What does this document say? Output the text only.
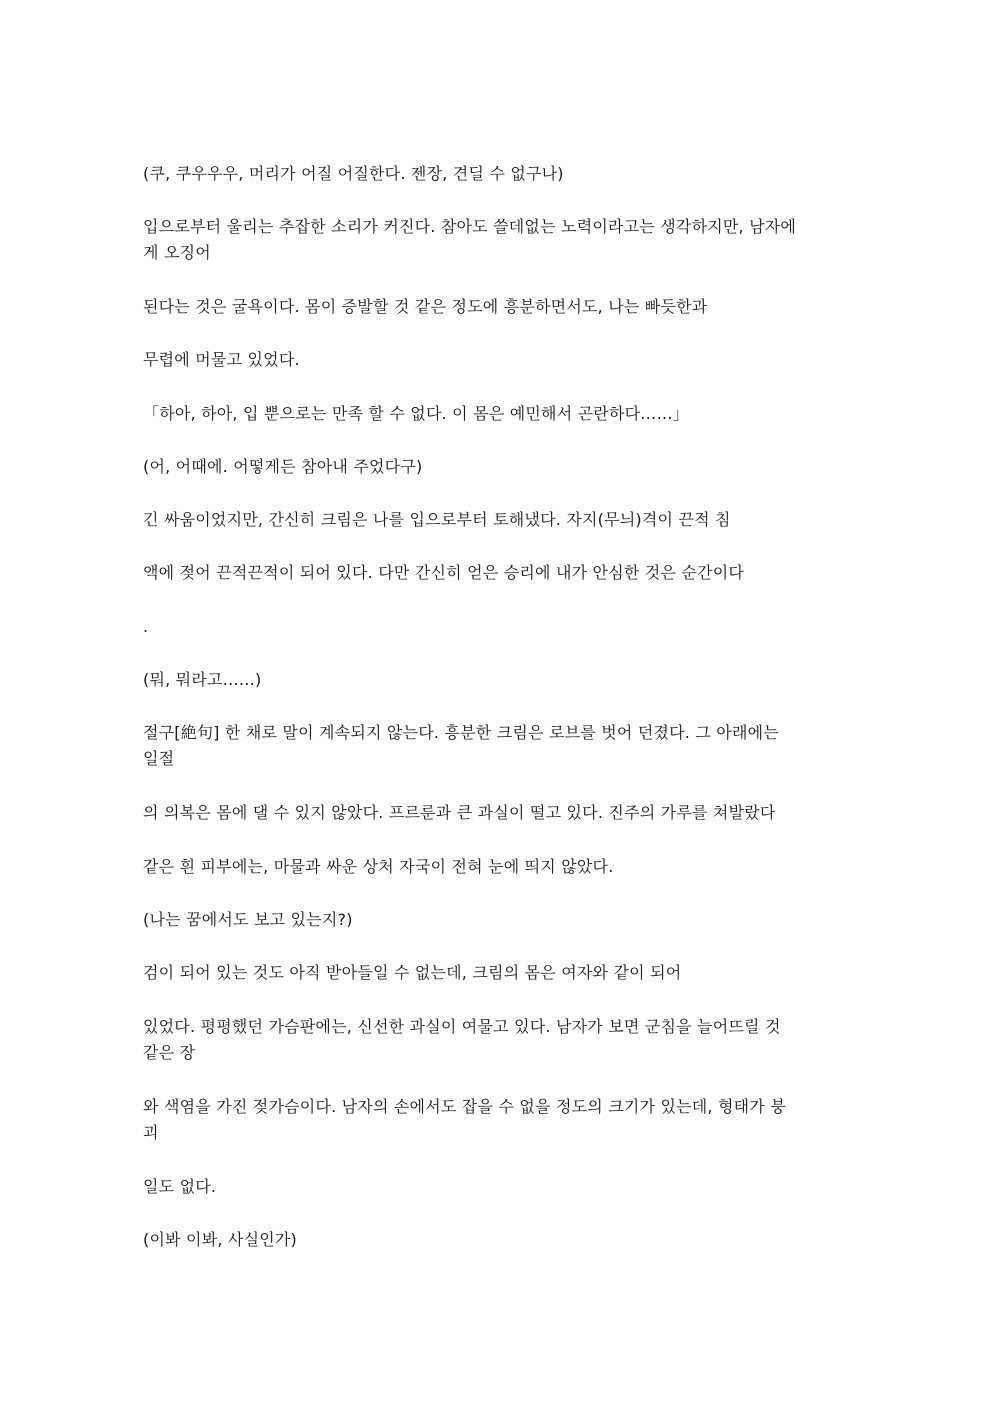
(쿠, 쿠우우우, 머리가 어질 어질한다. 젠장, 견딜 수 없구나)
입으로부터 울리는 추잡한 소리가 커진다. 참아도 쓸데없는 노력이라고는 생각하지만, 남자에
게 오징어
된다는 것은 굴욕이다. 몸이 증발할 것 같은 정도에 흥분하면서도, 나는 빠듯한과
무렵에 머물고 있었다.
「하아, 하아, 입 뿐으로는 만족 할 수 없다. 이 몸은 예민해서 곤란하다……」
(어, 어때에. 어떻게든 참아내 주었다구)
긴 싸움이었지만, 간신히 크림은 나를 입으로부터 토해냈다. 자지(무늬)격이 끈적 침
액에 젖어 끈적끈적이 되어 있다. 다만 간신히 얻은 승리에 내가 안심한 것은 순간이다
.
(뭐, 뭐라고……)
절구[絶句] 한 채로 말이 계속되지 않는다. 흥분한 크림은 로브를 벗어 던졌다. 그 아래에는
일절
의 의복은 몸에 댈 수 있지 않았다. 프르룬과 큰 과실이 떨고 있다. 진주의 가루를 쳐발랐다
같은 흰 피부에는, 마물과 싸운 상처 자국이 전혀 눈에 띄지 않았다.
(나는 꿈에서도 보고 있는지?)
검이 되어 있는 것도 아직 받아들일 수 없는데, 크림의 몸은 여자와 같이 되어
있었다. 평평했던 가슴판에는, 신선한 과실이 여물고 있다. 남자가 보면 군침을 늘어뜨릴 것
같은 장
와 색염을 가진 젖가슴이다. 남자의 손에서도 잡을 수 없을 정도의 크기가 있는데, 형태가 붕
괴
일도 없다.
(이봐 이봐, 사실인가)
